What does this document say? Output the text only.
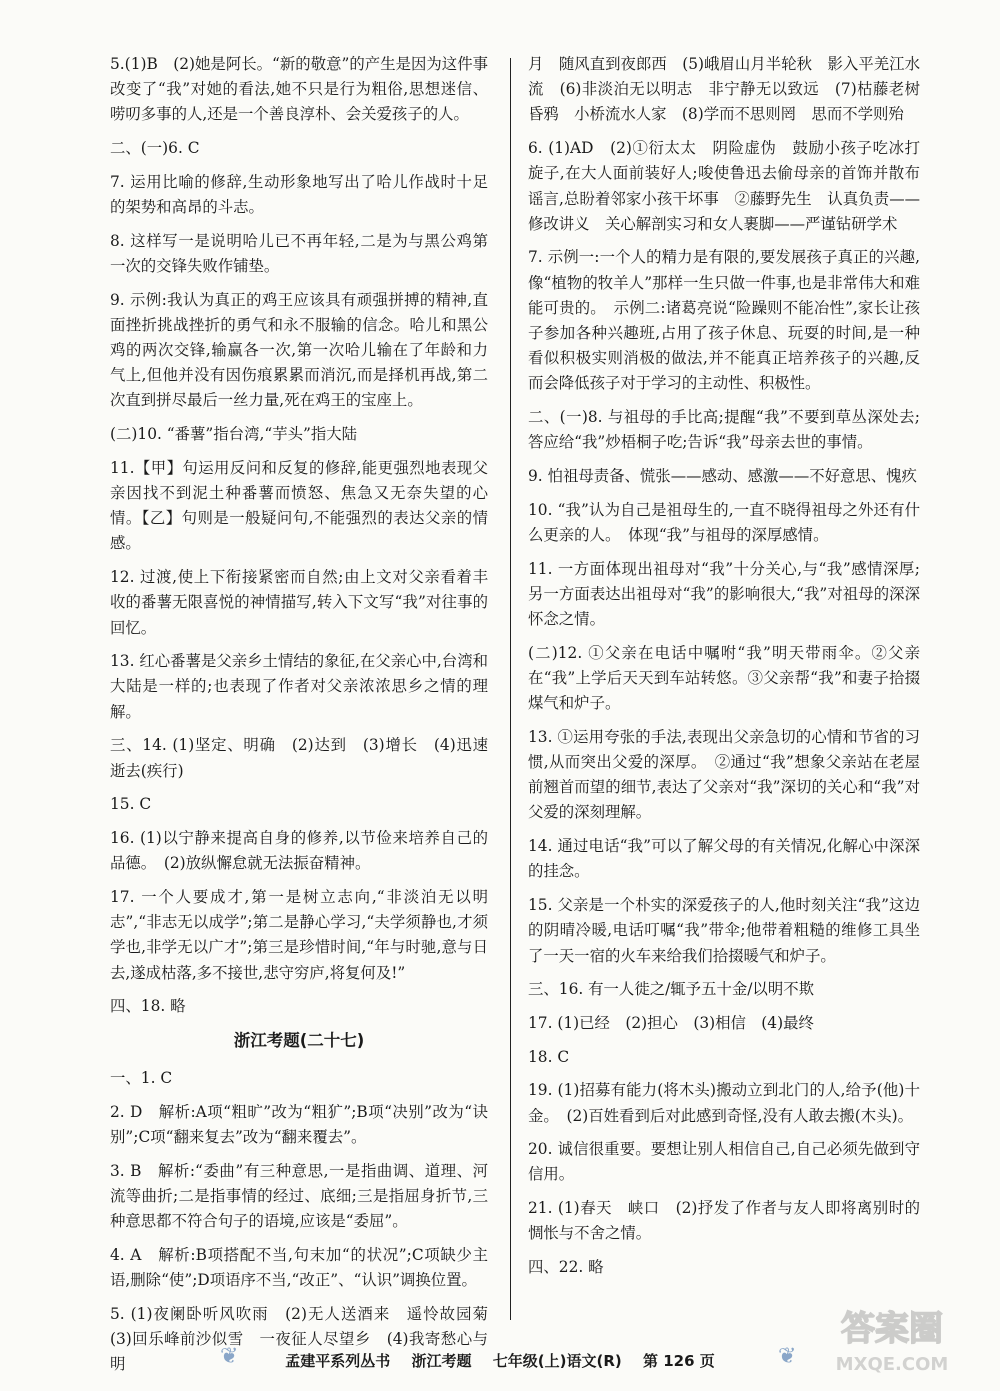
5.(1)B　(2)她是阿长。“新的敬意”的产生是因为这件事改变了“我”对她的看法,她不只是行为粗俗,思想迷信、唠叨多事的人,还是一个善良淳朴、会关爱孩子的人。

二、(一)6. C

7. 运用比喻的修辞,生动形象地写出了哈儿作战时十足的架势和高昂的斗志。

8. 这样写一是说明哈儿已不再年轻,二是为与黑公鸡第一次的交锋失败作铺垫。

9. 示例:我认为真正的鸡王应该具有顽强拼搏的精神,直面挫折挑战挫折的勇气和永不服输的信念。哈儿和黑公鸡的两次交锋,输赢各一次,第一次哈儿输在了年龄和力气上,但他并没有因伤痕累累而消沉,而是择机再战,第二次直到拼尽最后一丝力量,死在鸡王的宝座上。

(二)10. “番薯”指台湾,“芋头”指大陆

11.【甲】句运用反问和反复的修辞,能更强烈地表现父亲因找不到泥土种番薯而愤怒、焦急又无奈失望的心情。【乙】句则是一般疑问句,不能强烈的表达父亲的情感。

12. 过渡,使上下衔接紧密而自然;由上文对父亲看着丰收的番薯无限喜悦的神情描写,转入下文写“我”对往事的回忆。

13. 红心番薯是父亲乡土情结的象征,在父亲心中,台湾和大陆是一样的;也表现了作者对父亲浓浓思乡之情的理解。

三、14. (1)坚定、明确　(2)达到　(3)增长　(4)迅速逝去(疾行)

15. C

16. (1)以宁静来提高自身的修养,以节俭来培养自己的品德。　(2)放纵懈怠就无法振奋精神。

17. 一个人要成才,第一是树立志向,“非淡泊无以明志”,“非志无以成学”;第二是静心学习,“夫学须静也,才须学也,非学无以广才”;第三是珍惜时间,“年与时驰,意与日去,遂成枯落,多不接世,悲守穷庐,将复何及!”

四、18. 略

浙江考题(二十七)

一、1. C

2. D　解析:A项“粗旷”改为“粗犷”;B项“决别”改为“诀别”;C项“翻来复去”改为“翻来覆去”。

3. B　解析:“委曲”有三种意思,一是指曲调、道理、河流等曲折;二是指事情的经过、底细;三是指屈身折节,三种意思都不符合句子的语境,应该是“委屈”。

4. A　解析:B项搭配不当,句末加“的状况”;C项缺少主语,删除“使”;D项语序不当,“改正”、“认识”调换位置。

5. (1)夜阑卧听风吹雨　(2)无人送酒来　遥怜故园菊　(3)回乐峰前沙似雪　一夜征人尽望乡　(4)我寄愁心与明

月　随风直到夜郎西　(5)峨眉山月半轮秋　影入平羌江水流　(6)非淡泊无以明志　非宁静无以致远　(7)枯藤老树昏鸦　小桥流水人家　(8)学而不思则罔　思而不学则殆

6. (1)AD　(2)①衍太太　阴险虚伪　鼓励小孩子吃冰打旋子,在大人面前装好人;唆使鲁迅去偷母亲的首饰并散布谣言,总盼着邻家小孩干坏事　②藤野先生　认真负责——修改讲义　关心解剖实习和女人裹脚——严谨钻研学术

7. 示例一:一个人的精力是有限的,要发展孩子真正的兴趣,像“植物的牧羊人”那样一生只做一件事,也是非常伟大和难能可贵的。　示例二:诸葛亮说“险躁则不能冶性”,家长让孩子参加各种兴趣班,占用了孩子休息、玩耍的时间,是一种看似积极实则消极的做法,并不能真正培养孩子的兴趣,反而会降低孩子对于学习的主动性、积极性。

二、(一)8. 与祖母的手比高;提醒“我”不要到草丛深处去;答应给“我”炒梧桐子吃;告诉“我”母亲去世的事情。

9. 怕祖母责备、慌张——感动、感激——不好意思、愧疚

10. “我”认为自己是祖母生的,一直不晓得祖母之外还有什么更亲的人。　体现“我”与祖母的深厚感情。

11. 一方面体现出祖母对“我”十分关心,与“我”感情深厚;另一方面表达出祖母对“我”的影响很大,“我”对祖母的深深怀念之情。

(二)12. ①父亲在电话中嘱咐“我”明天带雨伞。②父亲在“我”上学后天天到车站转悠。③父亲帮“我”和妻子拾掇煤气和炉子。

13. ①运用夸张的手法,表现出父亲急切的心情和节省的习惯,从而突出父爱的深厚。　②通过“我”想象父亲站在老屋前翘首而望的细节,表达了父亲对“我”深切的关心和“我”对父爱的深刻理解。

14. 通过电话“我”可以了解父母的有关情况,化解心中深深的挂念。

15. 父亲是一个朴实的深爱孩子的人,他时刻关注“我”这边的阴晴冷暖,电话叮嘱“我”带伞;他带着粗糙的维修工具坐了一天一宿的火车来给我们拾掇暖气和炉子。

三、16. 有一人徙之/辄予五十金/以明不欺

17. (1)已经　(2)担心　(3)相信　(4)最终

18. C

19. (1)招募有能力(将木头)搬动立到北门的人,给予(他)十金。　(2)百姓看到后对此感到奇怪,没有人敢去搬(木头)。

20. 诚信很重要。要想让别人相信自己,自己必须先做到守信用。

21. (1)春天　峡口　(2)抒发了作者与友人即将离别时的惆怅与不舍之情。

四、22. 略

❦	孟建平系列丛书 浙江考题 七年级(上)语文(R) 第 126 页	❦
答案圈
MXQE.COM
